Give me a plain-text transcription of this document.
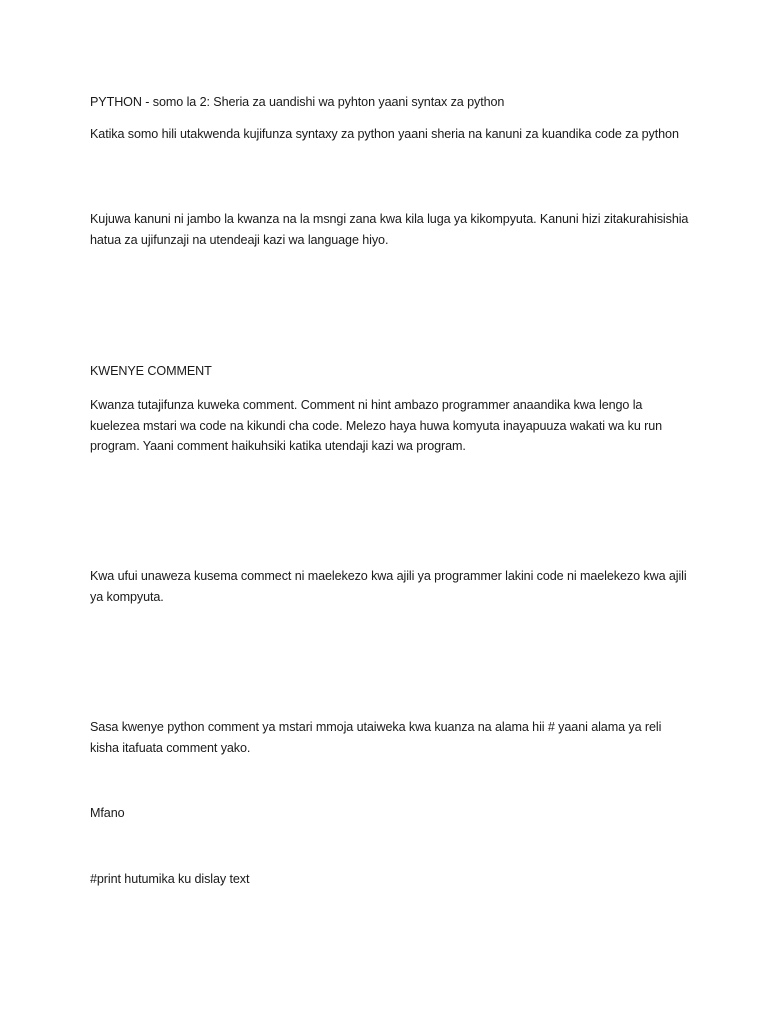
PYTHON - somo la 2: Sheria za uandishi wa pyhton yaani syntax za python

Katika somo hili utakwenda kujifunza syntaxy za python yaani sheria na kanuni za kuandika code za python

Kujuwa kanuni ni jambo la kwanza na la msngi zana kwa kila luga ya kikompyuta. Kanuni hizi zitakurahisishia hatua za ujifunzaji na utendeaji kazi wa language hiyo.

KWENYE COMMENT

Kwanza tutajifunza kuweka comment. Comment ni hint ambazo programmer anaandika kwa lengo la kuelezea mstari wa code na kikundi cha code. Melezo haya huwa komyuta inayapuuza wakati wa ku run program. Yaani comment haikuhsiki katika utendaji kazi wa program.

Kwa ufui unaweza kusema commect ni maelekezo kwa ajili ya programmer lakini code ni maelekezo kwa ajili ya kompyuta.

Sasa kwenye python comment ya mstari mmoja utaiweka kwa kuanza na alama hii # yaani alama ya reli kisha itafuata comment yako.

Mfano

#print hutumika ku dislay text
